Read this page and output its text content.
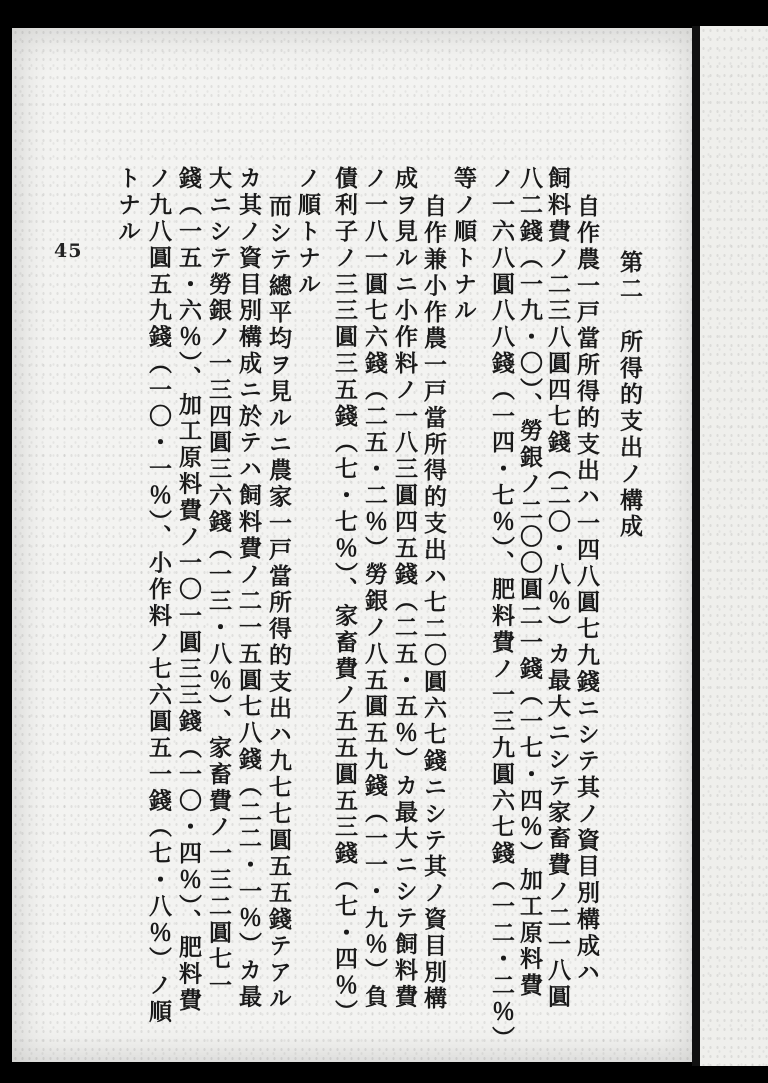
45	第二　所得的支出ノ構成
自作農一戸當所得的支出ハ一四八圓七九錢ニシテ其ノ資目別構成ハ
飼料費ノ二三八圓四七錢（二〇・八％）カ最大ニシテ家畜費ノ二一八圓
八二錢（一九・〇）、勞銀ノ二〇〇圓二一錢（一七・四％）加工原料費
ノ一六八圓八八錢（一四・七％）、肥料費ノ一三九圓六七錢（一二・二％）
等ノ順トナル
自作兼小作農一戸當所得的支出ハ七二〇圓六七錢ニシテ其ノ資目別構
成ヲ見ルニ小作料ノ一八三圓四五錢（二五・五％）カ最大ニシテ飼料費
ノ一八一圓七六錢（二五・二％）勞銀ノ八五圓五九錢（一一・九％）負
債利子ノ三三圓三五錢（七・七％）、家畜費ノ五五圓五三錢（七・四％）
ノ順トナル
而シテ總平均ヲ見ルニ農家一戸當所得的支出ハ九七七圓五五錢テアル
カ其ノ資目別構成ニ於テハ飼料費ノ二一五圓七八錢（二二・一％）カ最
大ニシテ勞銀ノ一三四圓三六錢（一三・八％）、家畜費ノ一三二圓七一
錢（一五・六％）、加工原料費ノ一〇一圓三三錢（一〇・四％）、肥料費
ノ九八圓五九錢（一〇・一％）、小作料ノ七六圓五一錢（七・八％）ノ順
トナル
